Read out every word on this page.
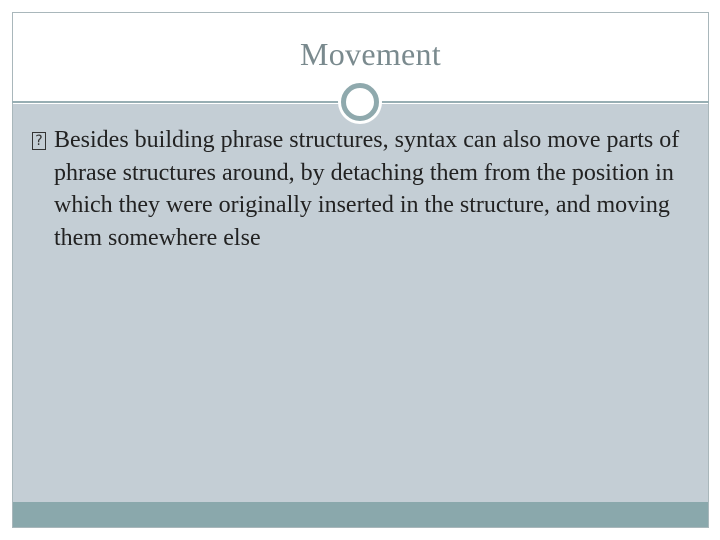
Movement
? Besides building phrase structures, syntax can also move parts of phrase structures around, by detaching them from the position in which they were originally inserted in the structure, and moving them somewhere else
